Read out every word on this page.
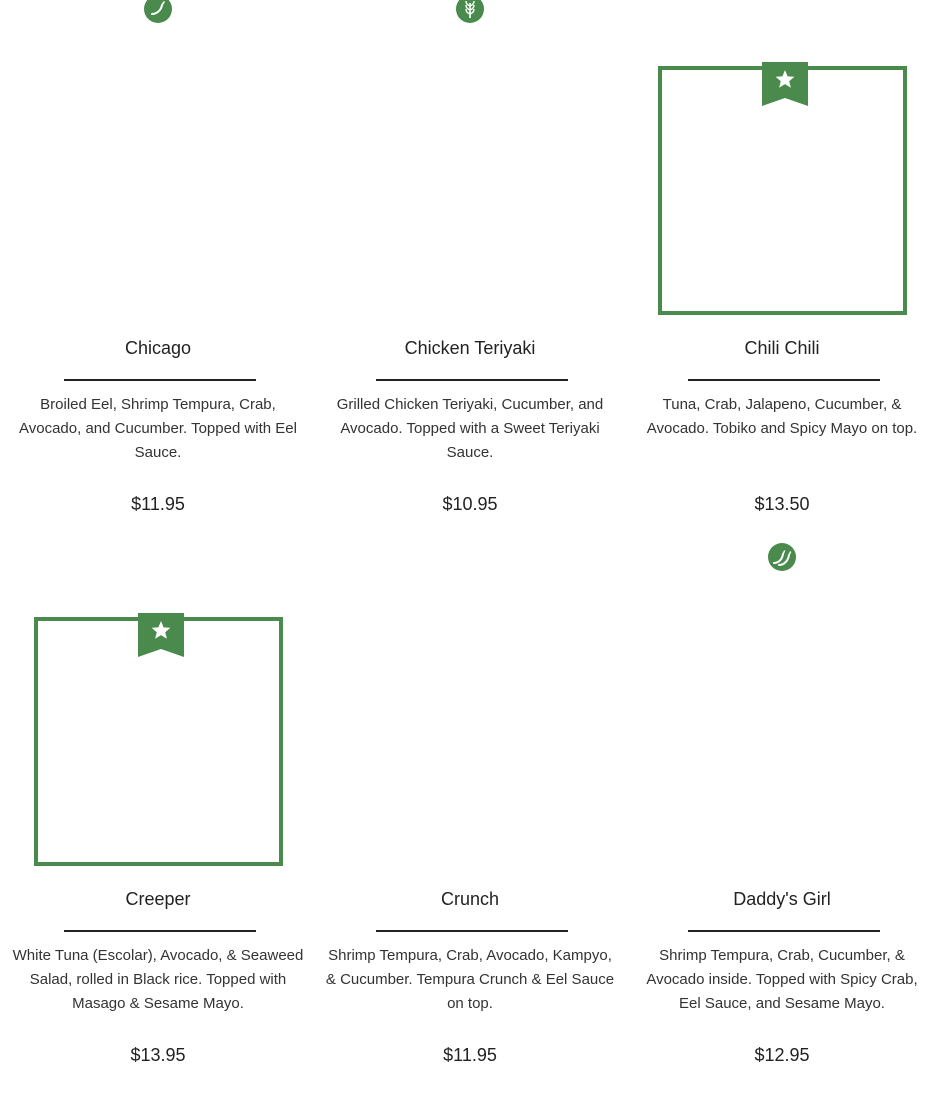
Chicago
Broiled Eel, Shrimp Tempura, Crab, Avocado, and Cucumber. Topped with Eel Sauce.
$11.95
Chicken Teriyaki
Grilled Chicken Teriyaki, Cucumber, and Avocado. Topped with a Sweet Teriyaki Sauce.
$10.95
Chili Chili
Tuna, Crab, Jalapeno, Cucumber, & Avocado. Tobiko and Spicy Mayo on top.
$13.50
Creeper
White Tuna (Escolar), Avocado, & Seaweed Salad, rolled in Black rice. Topped with Masago & Sesame Mayo.
$13.95
Crunch
Shrimp Tempura, Crab, Avocado, Kampyo, & Cucumber. Tempura Crunch & Eel Sauce on top.
$11.95
Daddy's Girl
Shrimp Tempura, Crab, Cucumber, & Avocado inside. Topped with Spicy Crab, Eel Sauce, and Sesame Mayo.
$12.95
